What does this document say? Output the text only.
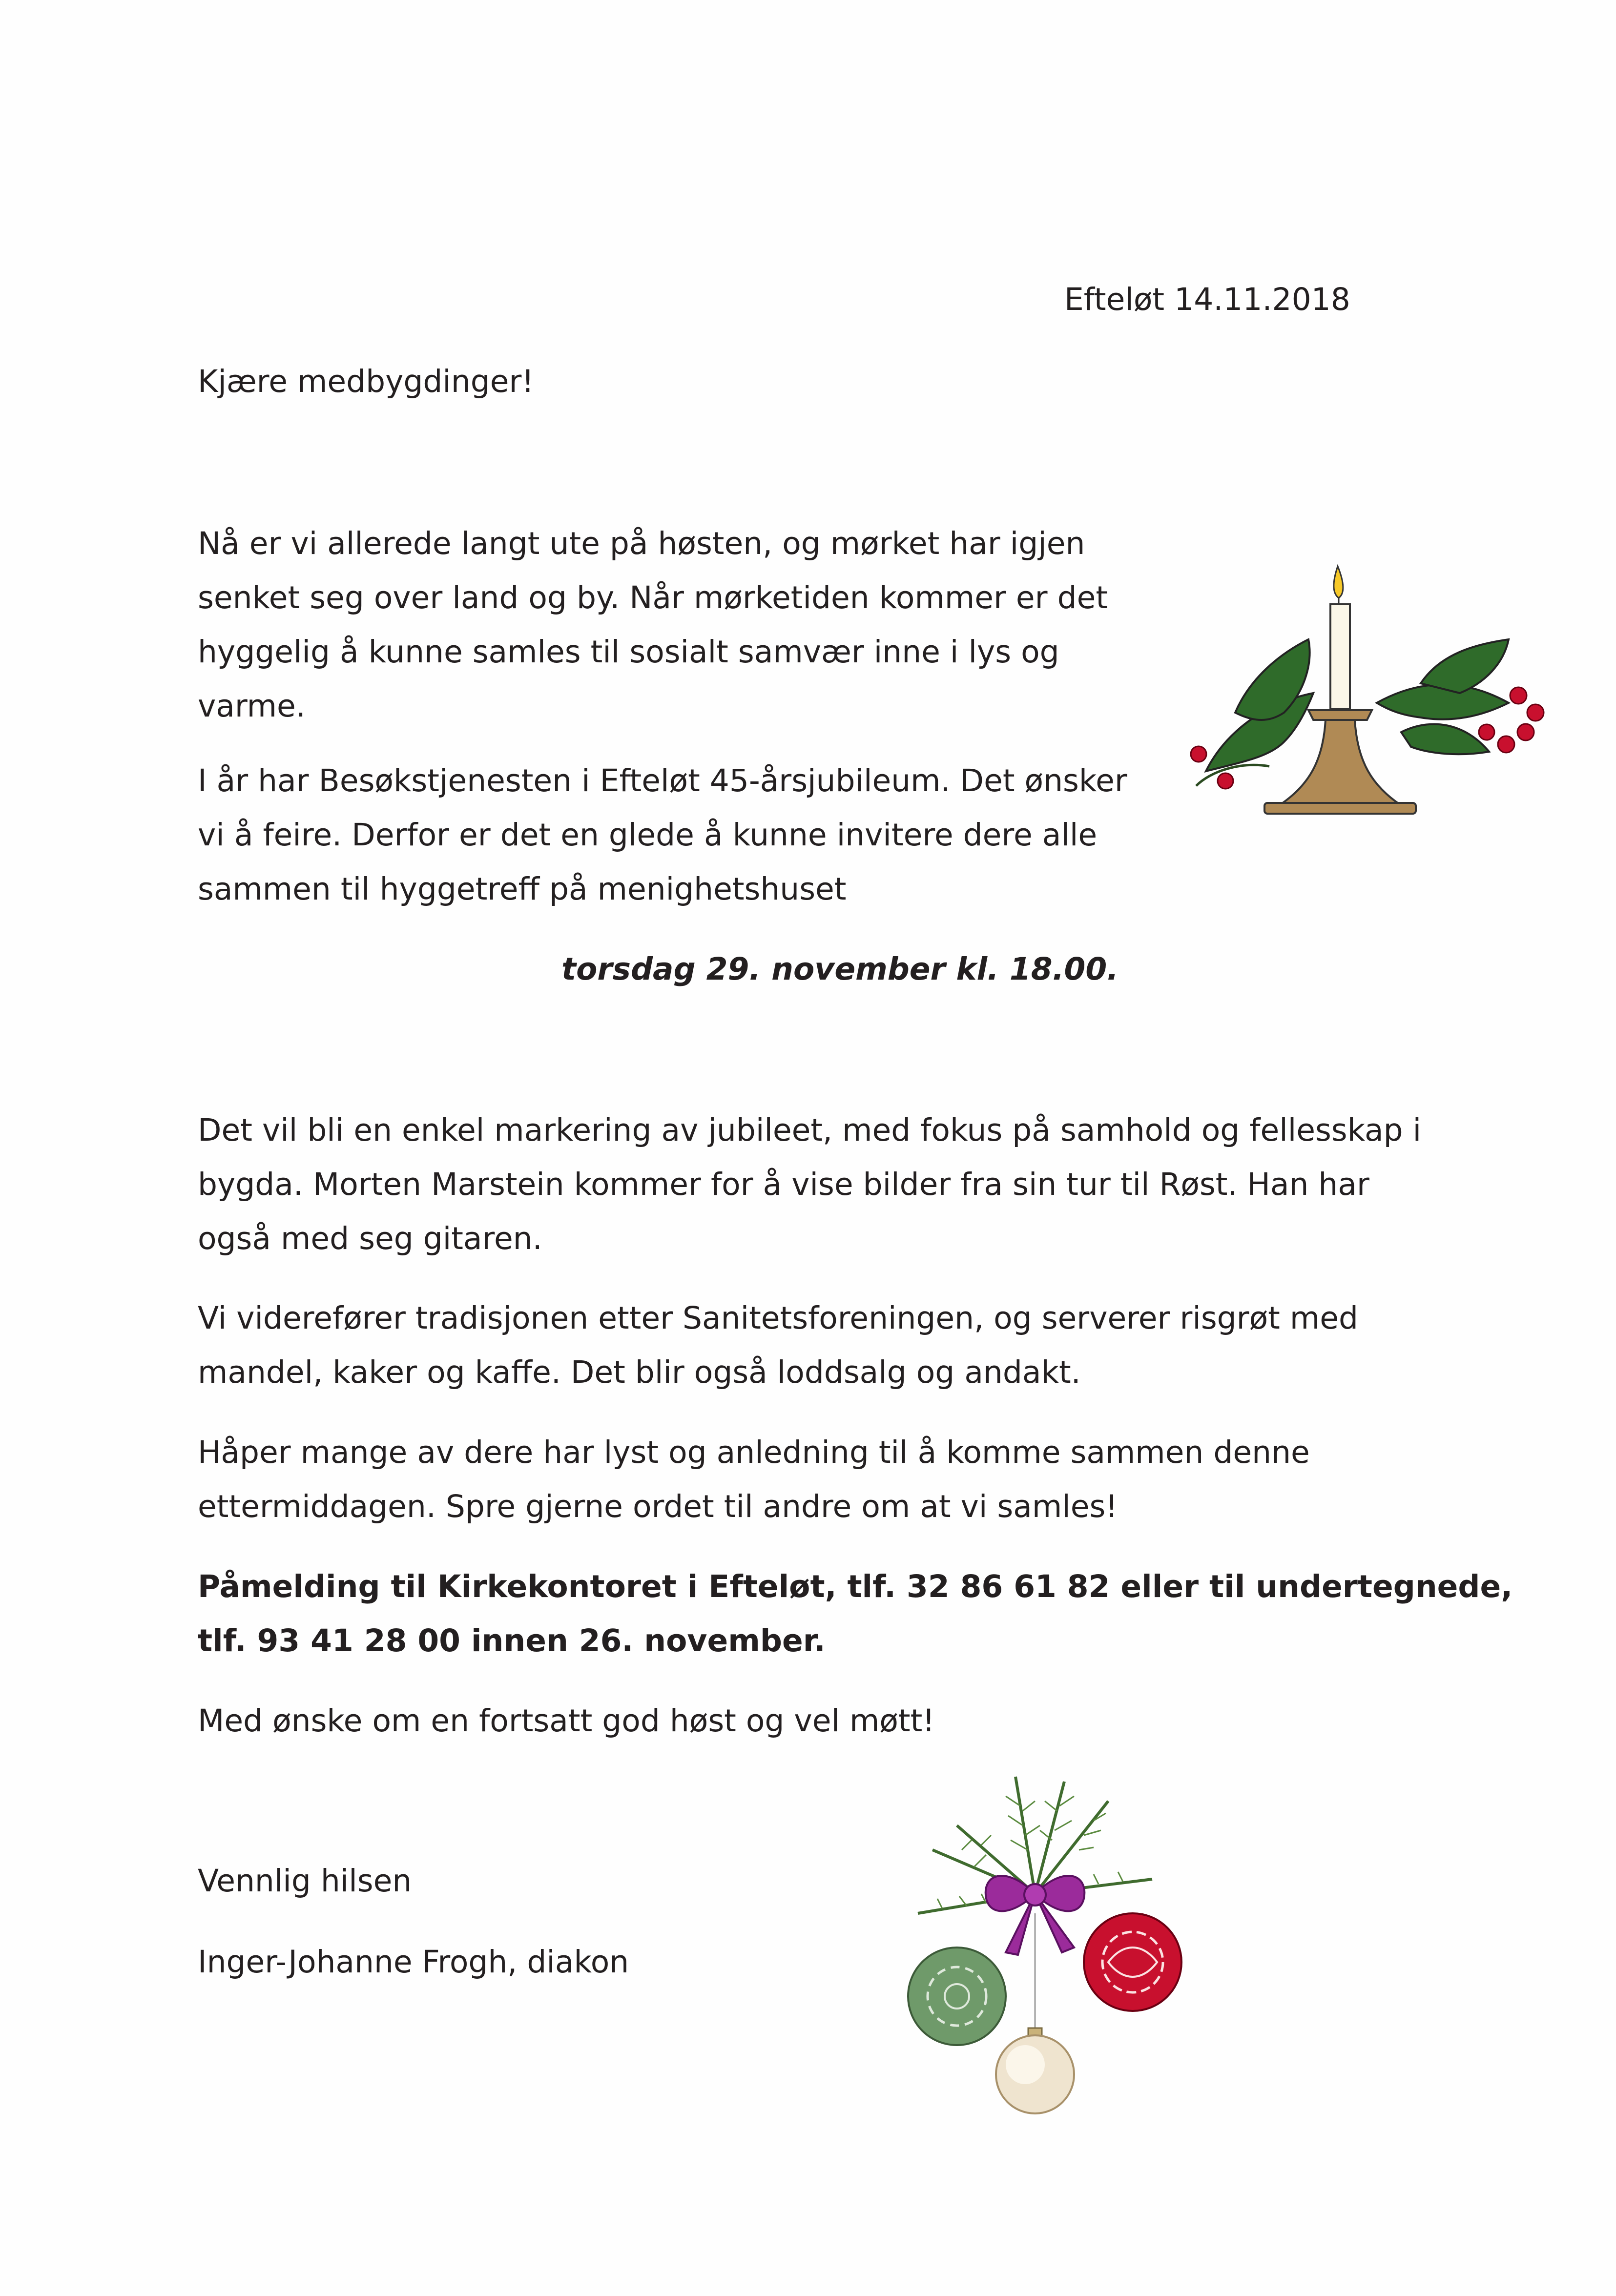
Efteløt 14.11.2018

Kjære medbygdinger!

Nå er vi allerede langt ute på høsten, og mørket har igjen
senket seg over land og by. Når mørketiden kommer er det
hyggelig å kunne samles til sosialt samvær inne i lys og
varme.
I år har Besøkstjenesten i Efteløt 45-årsjubileum. Det ønsker
vi å feire. Derfor er det en glede å kunne invitere dere alle
sammen til hyggetreff på menighetshuset

torsdag 29. november kl. 18.00.

Det vil bli en enkel markering av jubileet, med fokus på samhold og fellesskap i
bygda. Morten Marstein kommer for å vise bilder fra sin tur til Røst. Han har
også med seg gitaren.
Vi viderefører tradisjonen etter Sanitetsforeningen, og serverer risgrøt med
mandel, kaker og kaffe. Det blir også loddsalg og andakt.
Håper mange av dere har lyst og anledning til å komme sammen denne
ettermiddagen. Spre gjerne ordet til andre om at vi samles!
Påmelding til Kirkekontoret i Efteløt, tlf. 32 86 61 82 eller til undertegnede,
tlf. 93 41 28 00 innen 26. november.

Med ønske om en fortsatt god høst og vel møtt!

Vennlig hilsen

Inger-Johanne Frogh, diakon
